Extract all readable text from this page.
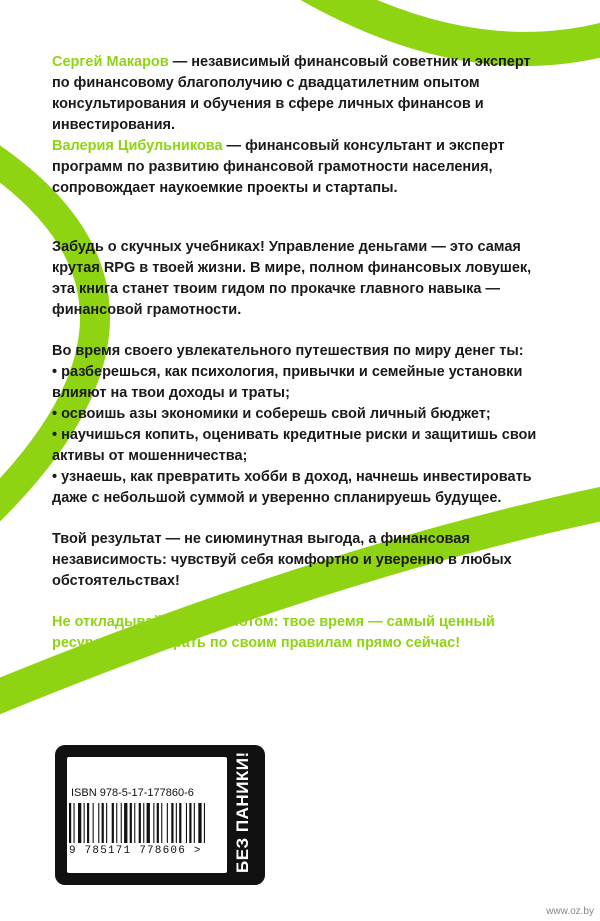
Сергей Макаров — независимый финансовый советник и эксперт по финансовому благополучию с двадцатилетним опытом консультирования и обучения в сфере личных финансов и инвестирования.

Валерия Цибульникова — финансовый консультант и эксперт программ по развитию финансовой грамотности населения, сопровождает наукоемкие проекты и стартапы.

Забудь о скучных учебниках! Управление деньгами — это самая крутая RPG в твоей жизни. В мире, полном финансовых ловушек, эта книга станет твоим гидом по прокачке главного навыка — финансовой грамотности.

Во время своего увлекательного путешествия по миру денег ты:
• разберешься, как психология, привычки и семейные установки влияют на твои доходы и траты;
• освоишь азы экономики и соберешь свой личный бюджет;
• научишься копить, оценивать кредитные риски и защитишь свои активы от мошенничества;
• узнаешь, как превратить хобби в доход, начнешь инвестировать даже с небольшой суммой и уверенно спланируешь будущее.

Твой результат — не сиюминутная выгода, а финансовая независимость: чувствуй себя комфортно и уверенно в любых обстоятельствах!

Не откладывай квест на потом: твое время — самый ценный ресурс. Начни играть по своим правилам прямо сейчас!

ISBN 978-5-17-177860-6
9 785171 778606 > БЕЗ ПАНИКИ!
www.oz.by
